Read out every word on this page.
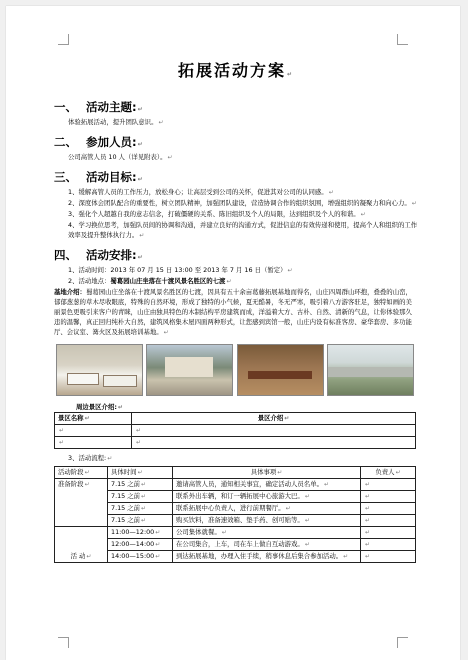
拓展活动方案↵
一、 活动主题:↵

体验拓展活动，提升团队意识。↵

二、 参加人员:↵

公司高管人员 10 人（详见附表）。↵

三、 活动目标:↵

1、缓解高管人员的工作压力，放松身心；让高层受到公司的关怀，促进其对公司的认同感。↵

2、深度体会团队配合的重要性，树立团队精神，加强团队建设，营造协调合作的组织氛围，增强组织的凝聚力和向心力。↵

3、强化个人超越自我的意志信念，打破僵硬的关系、陈旧组织及个人的局限，达到组织及个人的和谐。↵

4、学习换位思考，加强队员间的协调和沟通，并建立良好的沟通方式，促进信息的有效传递和使用，提高个人和组织的工作效率及提升整体执行力。↵

四、 活动安排:↵

1、活动时间：2013 年 07 月 15 日 13:00 至 2013 年 7 月 16 日（暂定）↵

2、活动地点：蜀葛园山庄坐落在十渡风景名胜区的七渡↵

基地介绍：蜀葛园山庄坐落在十渡风景名胜区的七渡，因具有五十余亩葛藤拓展基地而得名，山庄四周群山环抱，叠叠的山峦，郁郁葱葱的草木尽收眼底，特殊的自然环境，形成了独特的小气候，夏无酷暑，冬无严寒，吸引着八方游客驻足，独特如画的美丽景色更吸引来客户的青睐，山庄由独具特色的木制结构平房建筑而成，洋溢着大方、古朴、自然、清新的气息，让你体验那久违的温馨，真正回归纯朴大自然，建筑风格集木屋四面两种形式，让您感到宾馆一般，山庄内设有标准客房、豪华套房、多功能厅、会议室、篝火区及拓展培训基地。↵

周边景区介绍:↵
景区名称↵	景区介绍↵
↵	↵
↵	↵

3、活动流程:↵

活动阶段↵	具体时间↵	具体事项↵	负责人↵
准备阶段↵	7.15 之前↵	邀请高管人员，通知相关事宜，确定活动人员名单。↵	↵
	7.15 之前↵	联系外出车辆，和订一辆拓展中心旅游大巴。↵	↵
	7.15 之前↵	联系拓展中心负责人，进行前期餐厅。↵	↵
	7.15 之前↵	购买饮料，准备速效箱、垫手药、创可贴等。↵	↵
活 动↵	11:00—12:00↵	公司集体就餐。↵	↵
	12:00—14:00↵	在公司集合，上车，司在车上做自互动游戏。↵	↵
	14:00—15:00↵	到达拓展基地，办理入住手续，稍事休息后集合参加活动。↵	↵
